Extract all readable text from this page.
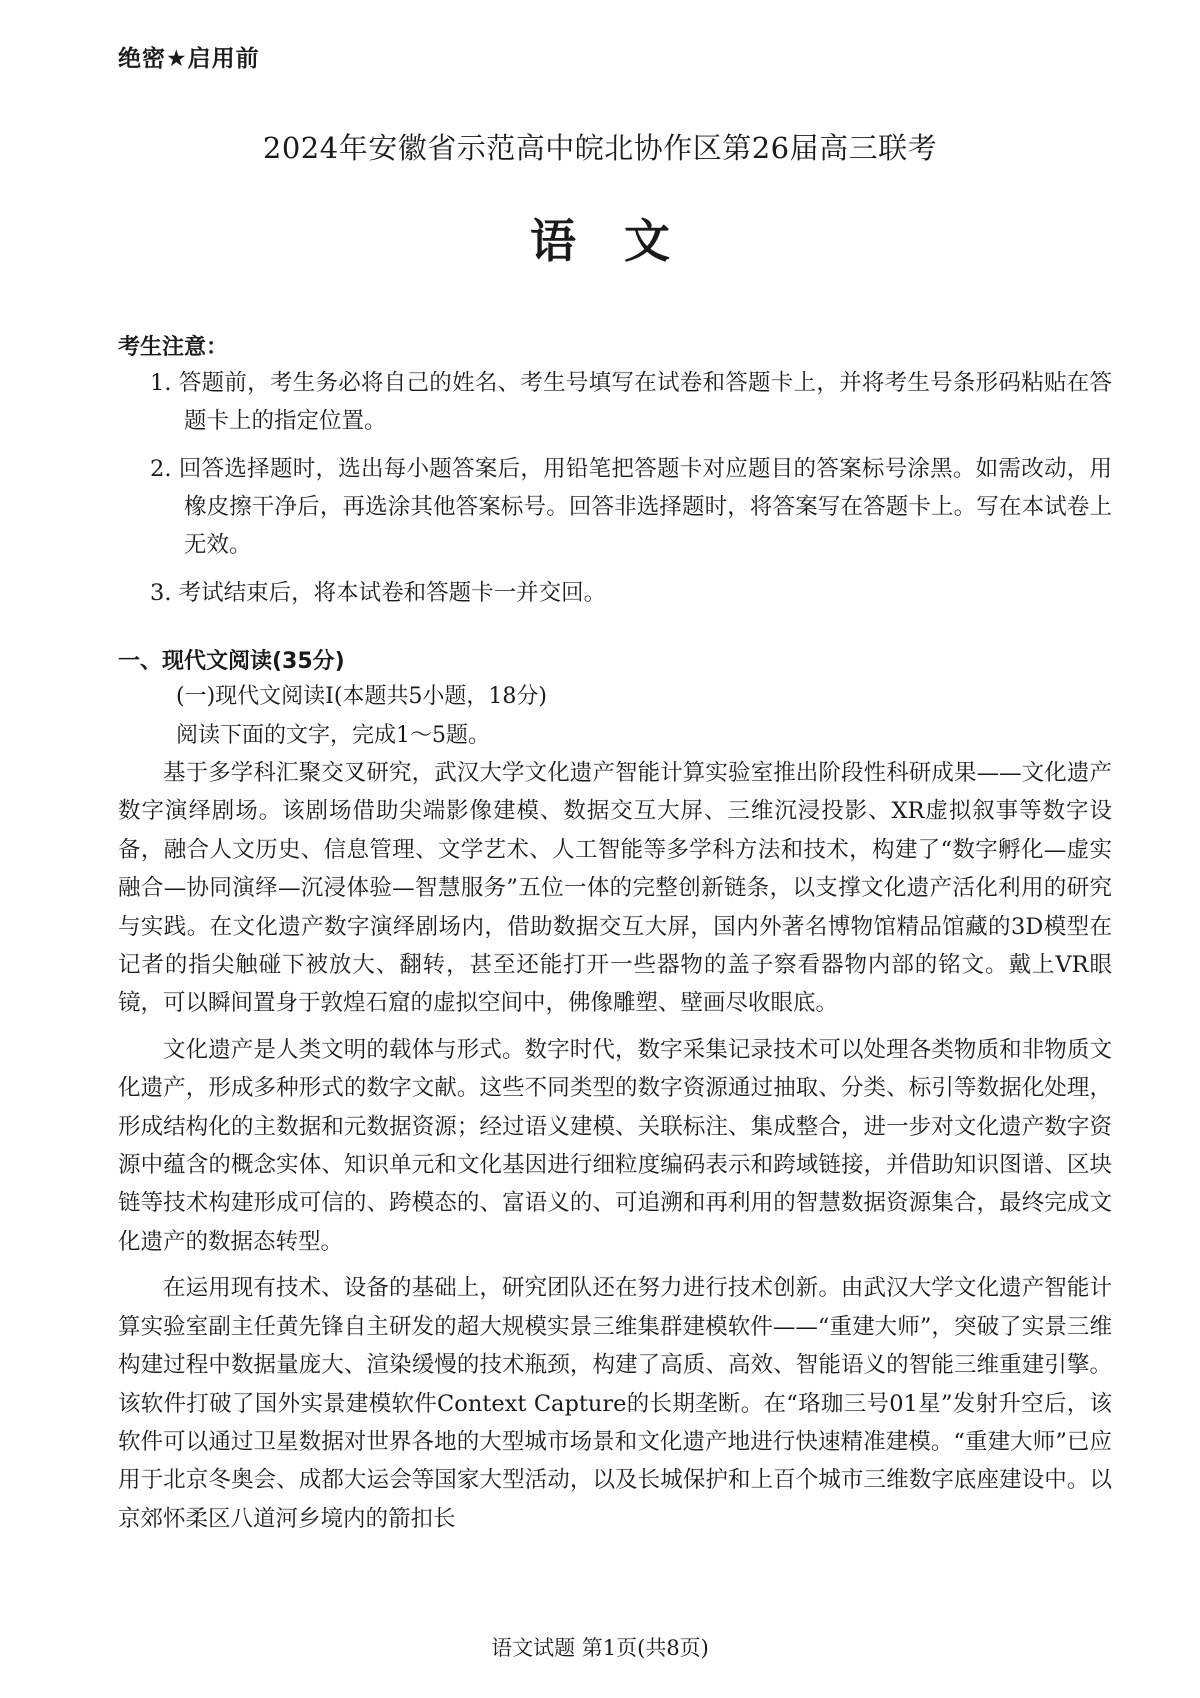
绝密★启用前
2024年安徽省示范高中皖北协作区第26届高三联考
语文
考生注意：
1. 答题前，考生务必将自己的姓名、考生号填写在试卷和答题卡上，并将考生号条形码粘贴在答题卡上的指定位置。
2. 回答选择题时，选出每小题答案后，用铅笔把答题卡对应题目的答案标号涂黑。如需改动，用橡皮擦干净后，再选涂其他答案标号。回答非选择题时，将答案写在答题卡上。写在本试卷上无效。
3. 考试结束后，将本试卷和答题卡一并交回。
一、现代文阅读(35分)
(一)现代文阅读Ⅰ(本题共5小题，18分)
阅读下面的文字，完成1～5题。

基于多学科汇聚交叉研究，武汉大学文化遗产智能计算实验室推出阶段性科研成果——文化遗产数字演绎剧场。该剧场借助尖端影像建模、数据交互大屏、三维沉浸投影、XR虚拟叙事等数字设备，融合人文历史、信息管理、文学艺术、人工智能等多学科方法和技术，构建了“数字孵化—虚实融合—协同演绎—沉浸体验—智慧服务”五位一体的完整创新链条，以支撑文化遗产活化利用的研究与实践。在文化遗产数字演绎剧场内，借助数据交互大屏，国内外著名博物馆精品馆藏的3D模型在记者的指尖触碰下被放大、翻转，甚至还能打开一些器物的盖子察看器物内部的铭文。戴上VR眼镜，可以瞬间置身于敦煌石窟的虚拟空间中，佛像雕塑、壁画尽收眼底。

文化遗产是人类文明的载体与形式。数字时代，数字采集记录技术可以处理各类物质和非物质文化遗产，形成多种形式的数字文献。这些不同类型的数字资源通过抽取、分类、标引等数据化处理，形成结构化的主数据和元数据资源；经过语义建模、关联标注、集成整合，进一步对文化遗产数字资源中蕴含的概念实体、知识单元和文化基因进行细粒度编码表示和跨域链接，并借助知识图谱、区块链等技术构建形成可信的、跨模态的、富语义的、可追溯和再利用的智慧数据资源集合，最终完成文化遗产的数据态转型。

在运用现有技术、设备的基础上，研究团队还在努力进行技术创新。由武汉大学文化遗产智能计算实验室副主任黄先锋自主研发的超大规模实景三维集群建模软件——“重建大师”，突破了实景三维构建过程中数据量庞大、渲染缓慢的技术瓶颈，构建了高质、高效、智能语义的智能三维重建引擎。该软件打破了国外实景建模软件Context Capture的长期垄断。在“珞珈三号01星”发射升空后，该软件可以通过卫星数据对世界各地的大型城市场景和文化遗产地进行快速精准建模。“重建大师”已应用于北京冬奥会、成都大运会等国家大型活动，以及长城保护和上百个城市三维数字底座建设中。以京郊怀柔区八道河乡境内的箭扣长

语文试题 第1页(共8页)
